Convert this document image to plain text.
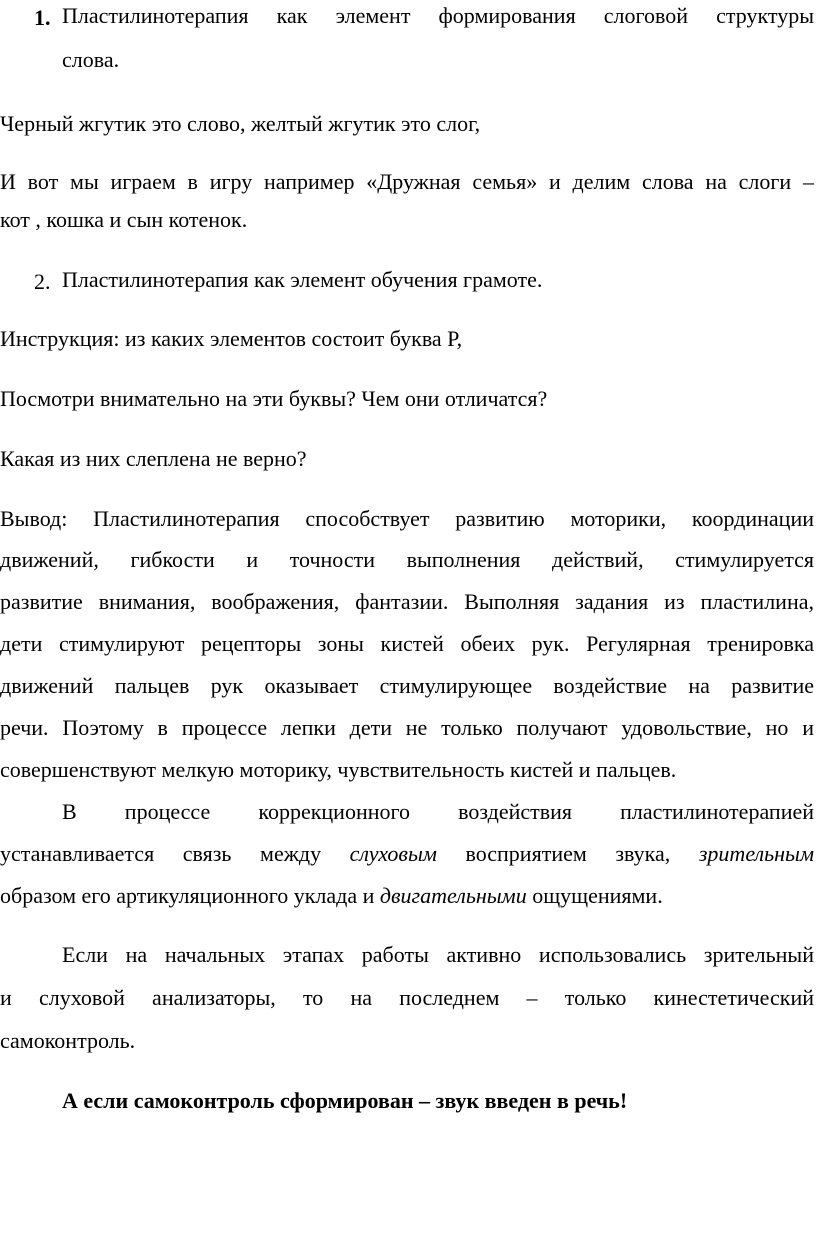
1. Пластилинотерапия как элемент формирования слоговой структуры
слова.
Черный жгутик это слово, желтый жгутик это слог,
И вот мы играем в игру например «Дружная семья» и делим слова на слоги –
кот , кошка и сын котенок.
2. Пластилинотерапия как элемент обучения грамоте.
Инструкция: из каких элементов состоит буква Р,
Посмотри внимательно на эти буквы? Чем они отличатся?
Какая из них слеплена не верно?
Вывод: Пластилинотерапия способствует развитию моторики, координации
движений, гибкости и точности выполнения действий, стимулируется
развитие внимания, воображения, фантазии. Выполняя задания из пластилина,
дети стимулируют рецепторы зоны кистей обеих рук. Регулярная тренировка
движений пальцев рук оказывает стимулирующее воздействие на развитие
речи. Поэтому в процессе лепки дети не только получают удовольствие, но и
совершенствуют мелкую моторику, чувствительность кистей и пальцев.
В процессе коррекционного воздействия пластилинотерапией
устанавливается связь между слуховым восприятием звука, зрительным
образом его артикуляционного уклада и двигательными ощущениями.
Если на начальных этапах работы активно использовались зрительный
и слуховой анализаторы, то на последнем – только кинестетический
самоконтроль.
А если самоконтроль сформирован – звук введен в речь!
